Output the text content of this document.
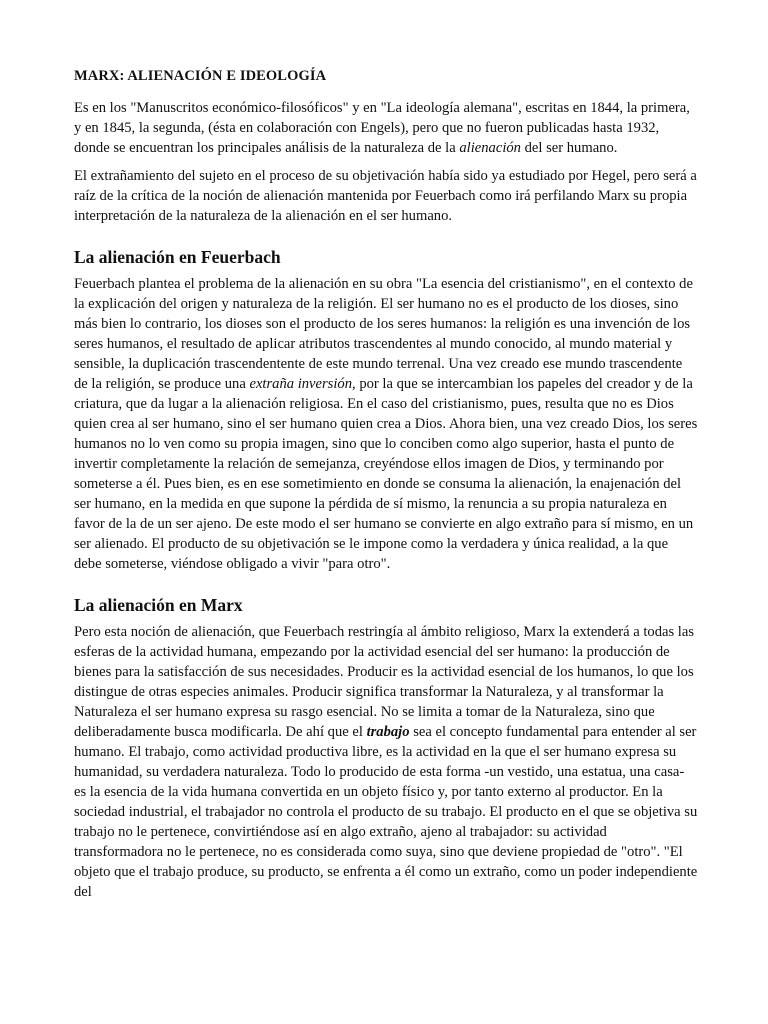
MARX: ALIENACIÓN E IDEOLOGÍA

Es en los "Manuscritos económico-filosóficos" y en "La ideología alemana", escritas en 1844, la primera, y en 1845, la segunda, (ésta en colaboración con Engels), pero que no fueron publicadas hasta 1932, donde se encuentran los principales análisis de la naturaleza de la alienación del ser humano.

El extrañamiento del sujeto en el proceso de su objetivación había sido ya estudiado por Hegel, pero será a raíz de la crítica de la noción de alienación mantenida por Feuerbach como irá perfilando Marx su propia interpretación de la naturaleza de la alienación en el ser humano.

La alienación en Feuerbach

Feuerbach plantea el problema de la alienación en su obra "La esencia del cristianismo", en el contexto de la explicación del origen y naturaleza de la religión. El ser humano no es el producto de los dioses, sino más bien lo contrario, los dioses son el producto de los seres humanos: la religión es una invención de los seres humanos, el resultado de aplicar atributos trascendentes al mundo conocido, al mundo material y sensible, la duplicación trascendentente de este mundo terrenal. Una vez creado ese mundo trascendente de la religión, se produce una extraña inversión, por la que se intercambian los papeles del creador y de la criatura, que da lugar a la alienación religiosa. En el caso del cristianismo, pues, resulta que no es Dios quien crea al ser humano, sino el ser humano quien crea a Dios. Ahora bien, una vez creado Dios, los seres humanos no lo ven como su propia imagen, sino que lo conciben como algo superior, hasta el punto de invertir completamente la relación de semejanza, creyéndose ellos imagen de Dios, y terminando por someterse a él. Pues bien, es en ese sometimiento en donde se consuma la alienación, la enajenación del ser humano, en la medida en que supone la pérdida de sí mismo, la renuncia a su propia naturaleza en favor de la de un ser ajeno. De este modo el ser humano se convierte en algo extraño para sí mismo, en un ser alienado. El producto de su objetivación se le impone como la verdadera y única realidad, a la que debe someterse, viéndose obligado a vivir "para otro".

La alienación en Marx

Pero esta noción de alienación, que Feuerbach restringía al ámbito religioso, Marx la extenderá a todas las esferas de la actividad humana, empezando por la actividad esencial del ser humano: la producción de bienes para la satisfacción de sus necesidades. Producir es la actividad esencial de los humanos, lo que los distingue de otras especies animales. Producir significa transformar la Naturaleza, y al transformar la Naturaleza el ser humano expresa su rasgo esencial. No se limita a tomar de la Naturaleza, sino que deliberadamente busca modificarla. De ahí que el trabajo sea el concepto fundamental para entender al ser humano. El trabajo, como actividad productiva libre, es la actividad en la que el ser humano expresa su humanidad, su verdadera naturaleza. Todo lo producido de esta forma -un vestido, una estatua, una casa- es la esencia de la vida humana convertida en un objeto físico y, por tanto externo al productor. En la sociedad industrial, el trabajador no controla el producto de su trabajo. El producto en el que se objetiva su trabajo no le pertenece, convirtiéndose así en algo extraño, ajeno al trabajador: su actividad transformadora no le pertenece, no es considerada como suya, sino que deviene propiedad de "otro". "El objeto que el trabajo produce, su producto, se enfrenta a él como un extraño, como un poder independiente del
